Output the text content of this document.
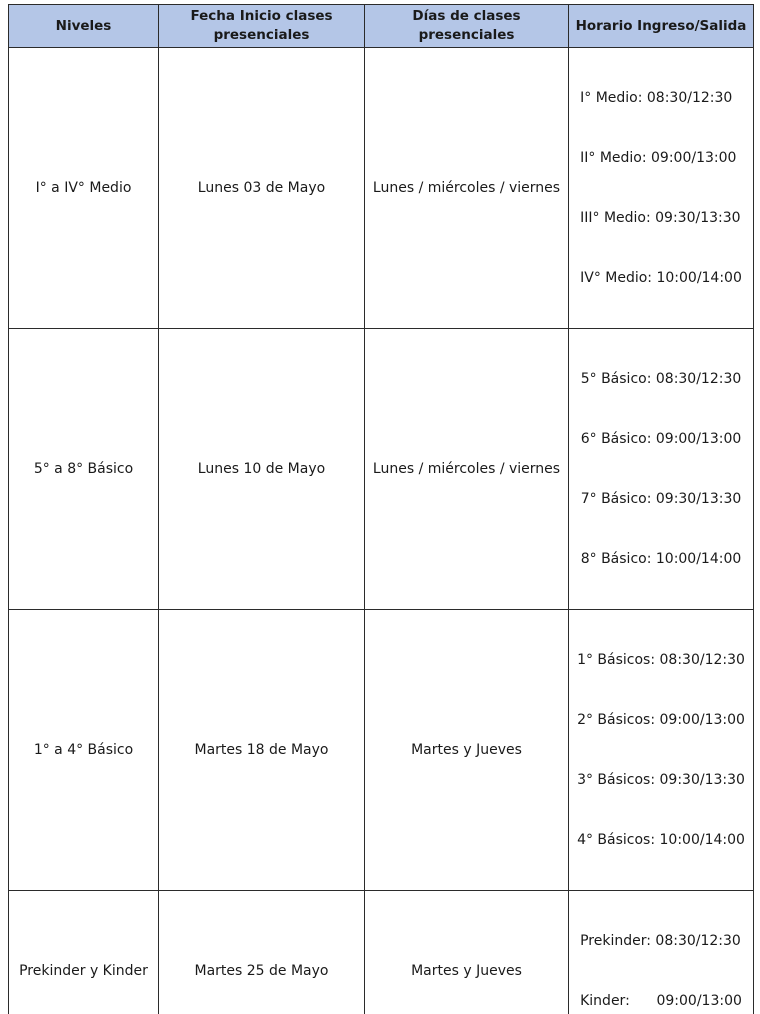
Niveles	Fecha Inicio clases presenciales	Días de clases presenciales	Horario Ingreso/Salida
I° a IV° Medio	Lunes 03 de Mayo	Lunes / miércoles / viernes	I° Medio: 08:30/12:30

II° Medio: 09:00/13:00

III° Medio: 09:30/13:30

IV° Medio: 10:00/14:00

5° a 8° Básico	Lunes 10 de Mayo	Lunes / miércoles / viernes	5° Básico: 08:30/12:30

6° Básico: 09:00/13:00

7° Básico: 09:30/13:30

8° Básico: 10:00/14:00

1° a 4° Básico	Martes 18 de Mayo	Martes y Jueves	1° Básicos: 08:30/12:30

2° Básicos: 09:00/13:00

3° Básicos: 09:30/13:30

4° Básicos: 10:00/14:00

Prekinder y Kinder	Martes 25 de Mayo	Martes y Jueves	Prekinder: 08:30/12:30

Kinder:      09:00/13:00
